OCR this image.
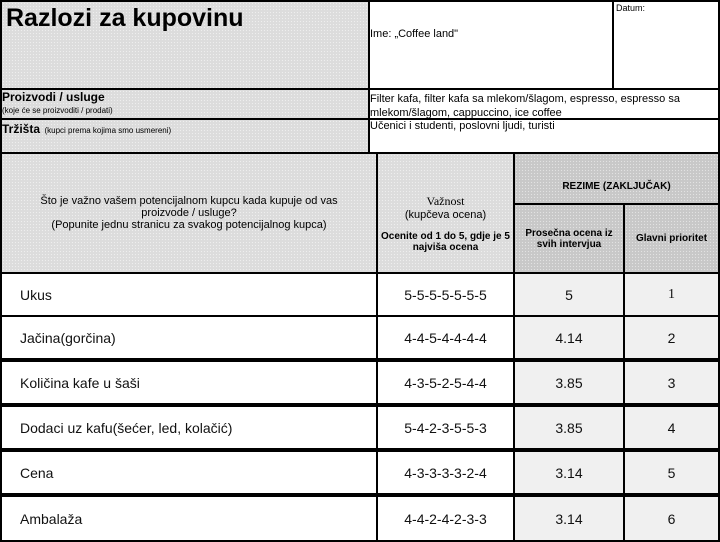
Razlozi za kupovinu
Ime: „Coffee land"
Datum:
Proizvodi / usluge
(koje će se proizvoditi / prodati)
Filter kafa, filter kafa sa mlekom/šlagom, espresso, espresso sa mlekom/šlagom, cappuccino, ice coffee
Tržišta (kupci prema kojima smo usmereni)	Učenici i studenti, poslovni ljudi, turisti
Što je važno vašem potencijalnom kupcu kada kupuje od vas proizvode / usluge?
(Popunite jednu stranicu za svakog potencijalnog kupca)
Važnost
(kupčeva ocena)
Ocenite od 1 do 5, gdje je 5 najviša ocena
REZIME (ZAKLJUČAK)
Prosečna ocena iz svih intervjua	Glavni prioritet
Ukus	5-5-5-5-5-5-5	5	1
Jačina(gorčina)	4-4-5-4-4-4-4	4.14	2
Količina kafe u šaši	4-3-5-2-5-4-4	3.85	3
Dodaci uz kafu(šećer, led, kolačić)	5-4-2-3-5-5-3	3.85	4
Cena	4-3-3-3-3-2-4	3.14	5
Ambalaža	4-4-2-4-2-3-3	3.14	6
